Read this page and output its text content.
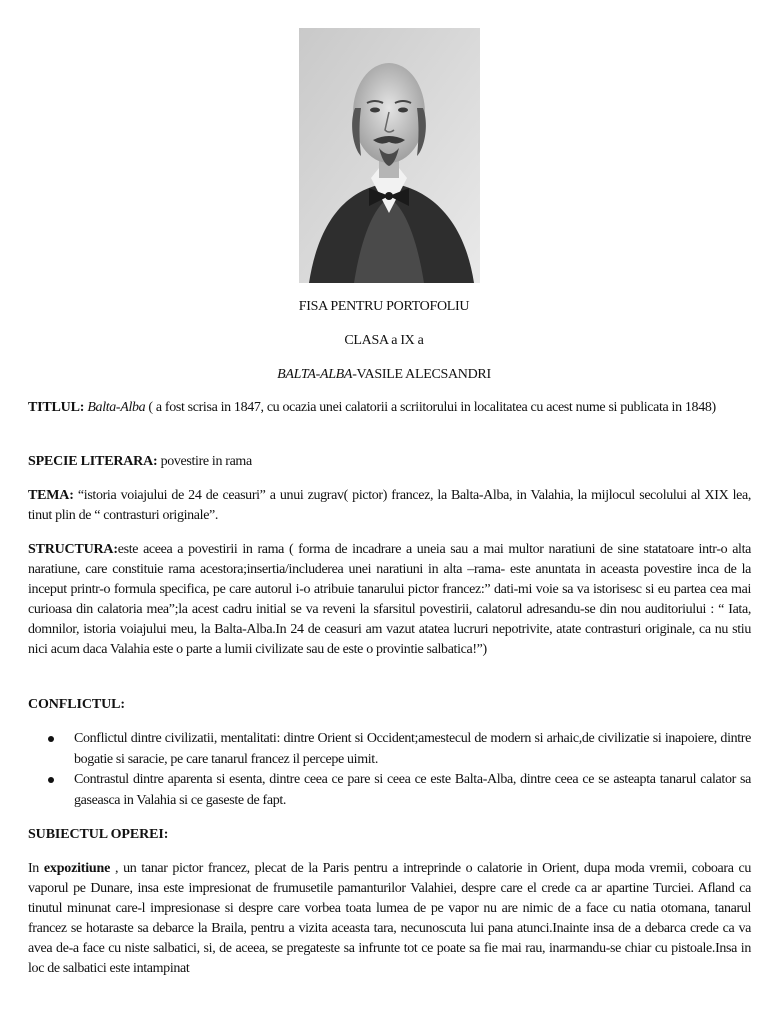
FISA PENTRU PORTOFOLIU
CLASA a IX a
BALTA-ALBA-VASILE ALECSANDRI

TITLUL: Balta-Alba ( a fost scrisa in 1847, cu ocazia unei calatorii a scriitorului in localitatea cu acest nume si publicata in 1848)

SPECIE LITERARA: povestire in rama

TEMA: “istoria voiajului de 24 de ceasuri” a unui zugrav( pictor) francez, la Balta-Alba, in Valahia, la mijlocul secolului al XIX lea, tinut plin de “ contrasturi originale”.

STRUCTURA:este aceea a povestirii in rama ( forma de incadrare a uneia sau a mai multor naratiuni de sine statatoare intr-o alta naratiune, care constituie rama acestora;insertia/includerea unei naratiuni in alta –rama- este anuntata in aceasta povestire inca de la inceput printr-o formula specifica, pe care autorul i-o atribuie tanarului pictor francez:” dati-mi voie sa va istorisesc si eu partea cea mai curioasa din calatoria mea”;la acest cadru initial se va reveni la sfarsitul povestirii, calatorul adresandu-se din nou auditoriului : “ Iata, domnilor, istoria voiajului meu, la Balta-Alba.In 24 de ceasuri am vazut atatea lucruri nepotrivite, atate contrasturi originale, ca nu stiu nici acum daca Valahia este o parte a lumii civilizate sau de este o provintie salbatica!”)

CONFLICTUL:
Conflictul dintre civilizatii, mentalitati: dintre Orient si Occident;amestecul de modern si arhaic,de civilizatie si inapoiere, dintre bogatie si saracie, pe care tanarul francez il percepe uimit.
Contrastul dintre aparenta si esenta, dintre ceea ce pare si ceea ce este Balta-Alba, dintre ceea ce se asteapta tanarul calator sa gaseasca in Valahia si ce gaseste de fapt.
SUBIECTUL OPEREI:

In expozitiune , un tanar pictor francez, plecat de la Paris pentru a intreprinde o calatorie in Orient, dupa moda vremii, coboara cu vaporul pe Dunare, insa este impresionat de frumusetile pamanturilor Valahiei, despre care el crede ca ar apartine Turciei. Afland ca tinutul minunat care-l impresionase si despre care vorbea toata lumea de pe vapor nu are nimic de a face cu natia otomana, tanarul francez se hotaraste sa debarce la Braila, pentru a vizita aceasta tara, necunoscuta lui pana atunci.Inainte insa de a debarca crede ca va avea de-a face cu niste salbatici, si, de aceea, se pregateste sa infrunte tot ce poate sa fie mai rau, inarmandu-se chiar cu pistoale.Insa in loc de salbatici este intampinat
